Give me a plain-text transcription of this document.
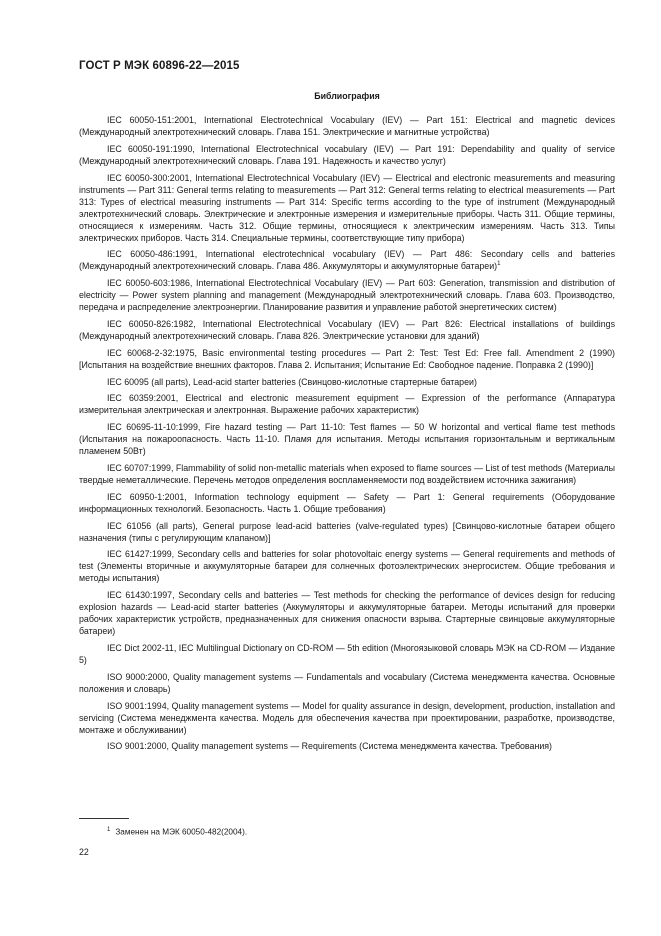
ГОСТ Р МЭК 60896-22—2015
Библиография

IEC 60050-151:2001, International Electrotechnical Vocabulary (IEV) — Part 151: Electrical and magnetic devices (Международный электротехнический словарь. Глава 151. Электрические и магнитные устройства)

IEC 60050-191:1990, International Electrotechnical vocabulary (IEV) — Part 191: Dependability and quality of service (Международный электротехнический словарь. Глава 191. Надежность и качество услуг)

IEC 60050-300:2001, International Electrotechnical Vocabulary (IEV) — Electrical and electronic measurements and measuring instruments — Part 311: General terms relating to measurements — Part 312: General terms relating to electrical measurements — Part 313: Types of electrical measuring instruments — Part 314: Specific terms according to the type of instrument (Международный электротехнический словарь. Электрические и электронные измерения и измерительные приборы. Часть 311. Общие термины, относящиеся к измерениям. Часть 312. Общие термины, относящиеся к электрическим измерениям. Часть 313. Типы электрических приборов. Часть 314. Специальные термины, соответствующие типу прибора)

IEC 60050-486:1991, International electrotechnical vocabulary (IEV) — Part 486: Secondary cells and batteries (Международный электротехнический словарь. Глава 486. Аккумуляторы и аккумуляторные батареи)$^1$

IEC 60050-603:1986, International Electrotechnical Vocabulary (IEV) — Part 603: Generation, transmission and distribution of electricity — Power system planning and management (Международный электротехнический словарь. Глава 603. Производство, передача и распределение электроэнергии. Планирование развития и управление работой энергетических систем)

IEC 60050-826:1982, International Electrotechnical Vocabulary (IEV) — Part 826: Electrical installations of buildings (Международный электротехнический словарь. Глава 826. Электрические установки для зданий)

IEC 60068-2-32:1975, Basic environmental testing procedures — Part 2: Test: Test Ed: Free fall. Amendment 2 (1990) [Испытания на воздействие внешних факторов. Глава 2. Испытания; Испытание Ed: Свободное падение. Поправка 2 (1990)]

IEC 60095 (all parts), Lead-acid starter batteries (Свинцово-кислотные стартерные батареи)

IEC 60359:2001, Electrical and electronic measurement equipment — Expression of the performance (Аппаратура измерительная электрическая и электронная. Выражение рабочих характеристик)

IEC 60695-11-10:1999, Fire hazard testing — Part 11-10: Test flames — 50 W horizontal and vertical flame test methods (Испытания на пожароопасность. Часть 11-10. Пламя для испытания. Методы испытания горизонтальным и вертикальным пламенем 50Вт)

IEC 60707:1999, Flammability of solid non-metallic materials when exposed to flame sources — List of test methods (Материалы твердые неметаллические. Перечень методов определения воспламеняемости под воздействием источника зажигания)

IEC 60950-1:2001, Information technology equipment — Safety — Part 1: General requirements (Оборудование информационных технологий. Безопасность. Часть 1. Общие требования)

IEC 61056 (all parts), General purpose lead-acid batteries (valve-regulated types) [Свинцово-кислотные батареи общего назначения (типы с регулирующим клапаном)]

IEC 61427:1999, Secondary cells and batteries for solar photovoltaic energy systems — General requirements and methods of test (Элементы вторичные и аккумуляторные батареи для солнечных фотоэлектрических энергосистем. Общие требования и методы испытания)

IEC 61430:1997, Secondary cells and batteries — Test methods for checking the performance of devices design for reducing explosion hazards — Lead-acid starter batteries (Аккумуляторы и аккумуляторные батареи. Методы испытаний для проверки рабочих характеристик устройств, предназначенных для снижения опасности взрыва. Стартерные свинцовые аккумуляторные батареи)

IEC Dict 2002-11, IEC Multilingual Dictionary on CD-ROM — 5th edition (Многоязыковой словарь МЭК на CD-ROM — Издание 5)

ISO 9000:2000, Quality management systems — Fundamentals and vocabulary (Система менеджмента качества. Основные положения и словарь)

ISO 9001:1994, Quality management systems — Model for quality assurance in design, development, production, installation and servicing (Система менеджмента качества. Модель для обеспечения качества при проектировании, разработке, производстве, монтаже и обслуживании)

ISO 9001:2000, Quality management systems — Requirements (Система менеджмента качества. Требования)

$^1$ Заменен на МЭК 60050-482(2004).
22
